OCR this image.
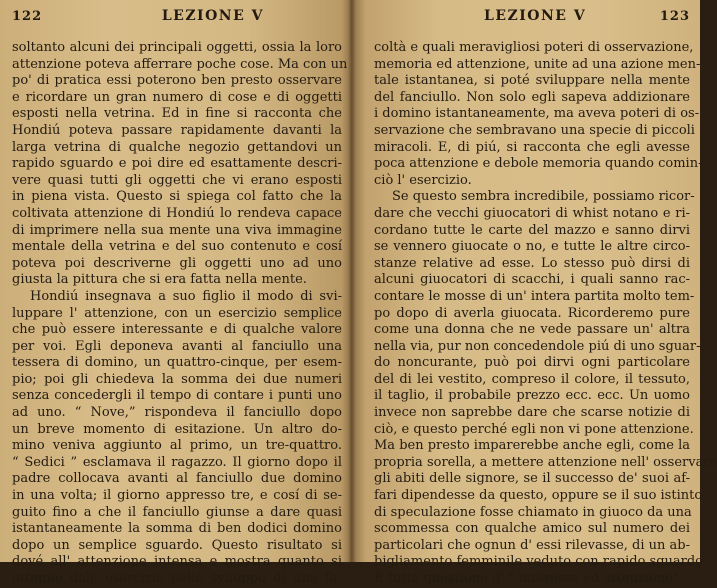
122	LEZIONE V
soltanto alcuni dei principali oggetti, ossia la loro
attenzione poteva afferrare poche cose. Ma con un
po' di pratica essi poterono ben presto osservare
e ricordare un gran numero di cose e di oggetti
esposti nella vetrina. Ed in fine si racconta che
Hondiú poteva passare rapidamente davanti la
larga vetrina di qualche negozio gettandovi un
rapido sguardo e poi dire ed esattamente descri-
vere quasi tutti gli oggetti che vi erano esposti
in piena vista. Questo si spiega col fatto che la
coltivata attenzione di Hondiú lo rendeva capace
di imprimere nella sua mente una viva immagine
mentale della vetrina e del suo contenuto e cosí
poteva poi descriverne gli oggetti uno ad uno
giusta la pittura che si era fatta nella mente.
Hondiú insegnava a suo figlio il modo di svi-
luppare l' attenzione, con un esercizio semplice
che può essere interessante e di qualche valore
per voi. Egli deponeva avanti al fanciullo una
tessera di domino, un quattro-cinque, per esem-
pio; poi gli chiedeva la somma dei due numeri
senza concedergli il tempo di contare i punti uno
ad uno. “ Nove,” rispondeva il fanciullo dopo
un breve momento di esitazione. Un altro do-
mino veniva aggiunto al primo, un tre-quattro.
“ Sedici ” esclamava il ragazzo. Il giorno dopo il
padre collocava avanti al fanciullo due domino
in una volta; il giorno appresso tre, e cosí di se-
guito fino a che il fanciullo giunse a dare quasi
istantaneamente la somma di ben dodici domino
dopo un semplice sguardo. Questo risultato si
dové all' attenzione intensa e mostra quanto si
ottenne dall' esercizio nello sviluppo di una fa-
LEZIONE V	123
coltà e quali meravigliosi poteri di osservazione,
memoria ed attenzione, unite ad una azione men-
tale istantanea, si poté sviluppare nella mente
del fanciullo. Non solo egli sapeva addizionare
i domino istantaneamente, ma aveva poteri di os-
servazione che sembravano una specie di piccoli
miracoli. E, di piú, si racconta che egli avesse
poca attenzione e debole memoria quando comin-
ciò l' esercizio.
Se questo sembra incredibile, possiamo ricor-
dare che vecchi giuocatori di whist notano e ri-
cordano tutte le carte del mazzo e sanno dirvi
se vennero giuocate o no, e tutte le altre circo-
stanze relative ad esse. Lo stesso può dirsi di
alcuni giuocatori di scacchi, i quali sanno rac-
contare le mosse di un' intera partita molto tem-
po dopo di averla giuocata. Ricorderemo pure
come una donna che ne vede passare un' altra
nella via, pur non concedendole piú di uno sguar-
do noncurante, può poi dirvi ogni particolare
del di lei vestito, compreso il colore, il tessuto,
il taglio, il probabile prezzo ecc. ecc. Un uomo
invece non saprebbe dare che scarse notizie di
ciò, e questo perché egli non vi pone attenzione.
Ma ben presto imparerebbe anche egli, come la
propria sorella, a mettere attenzione nell' osservare
gli abiti delle signore, se il successo de' suoi af-
fari dipendesse da questo, oppure se il suo istinto
di speculazione fosse chiamato in giuoco da una
scommessa con qualche amico sul numero dei
particolari che ognun d' essi rilevasse, di un ab-
bigliamento femminile veduto con rapido sguardo.
È tutta questione d' “ interesse ed attenzione”.
